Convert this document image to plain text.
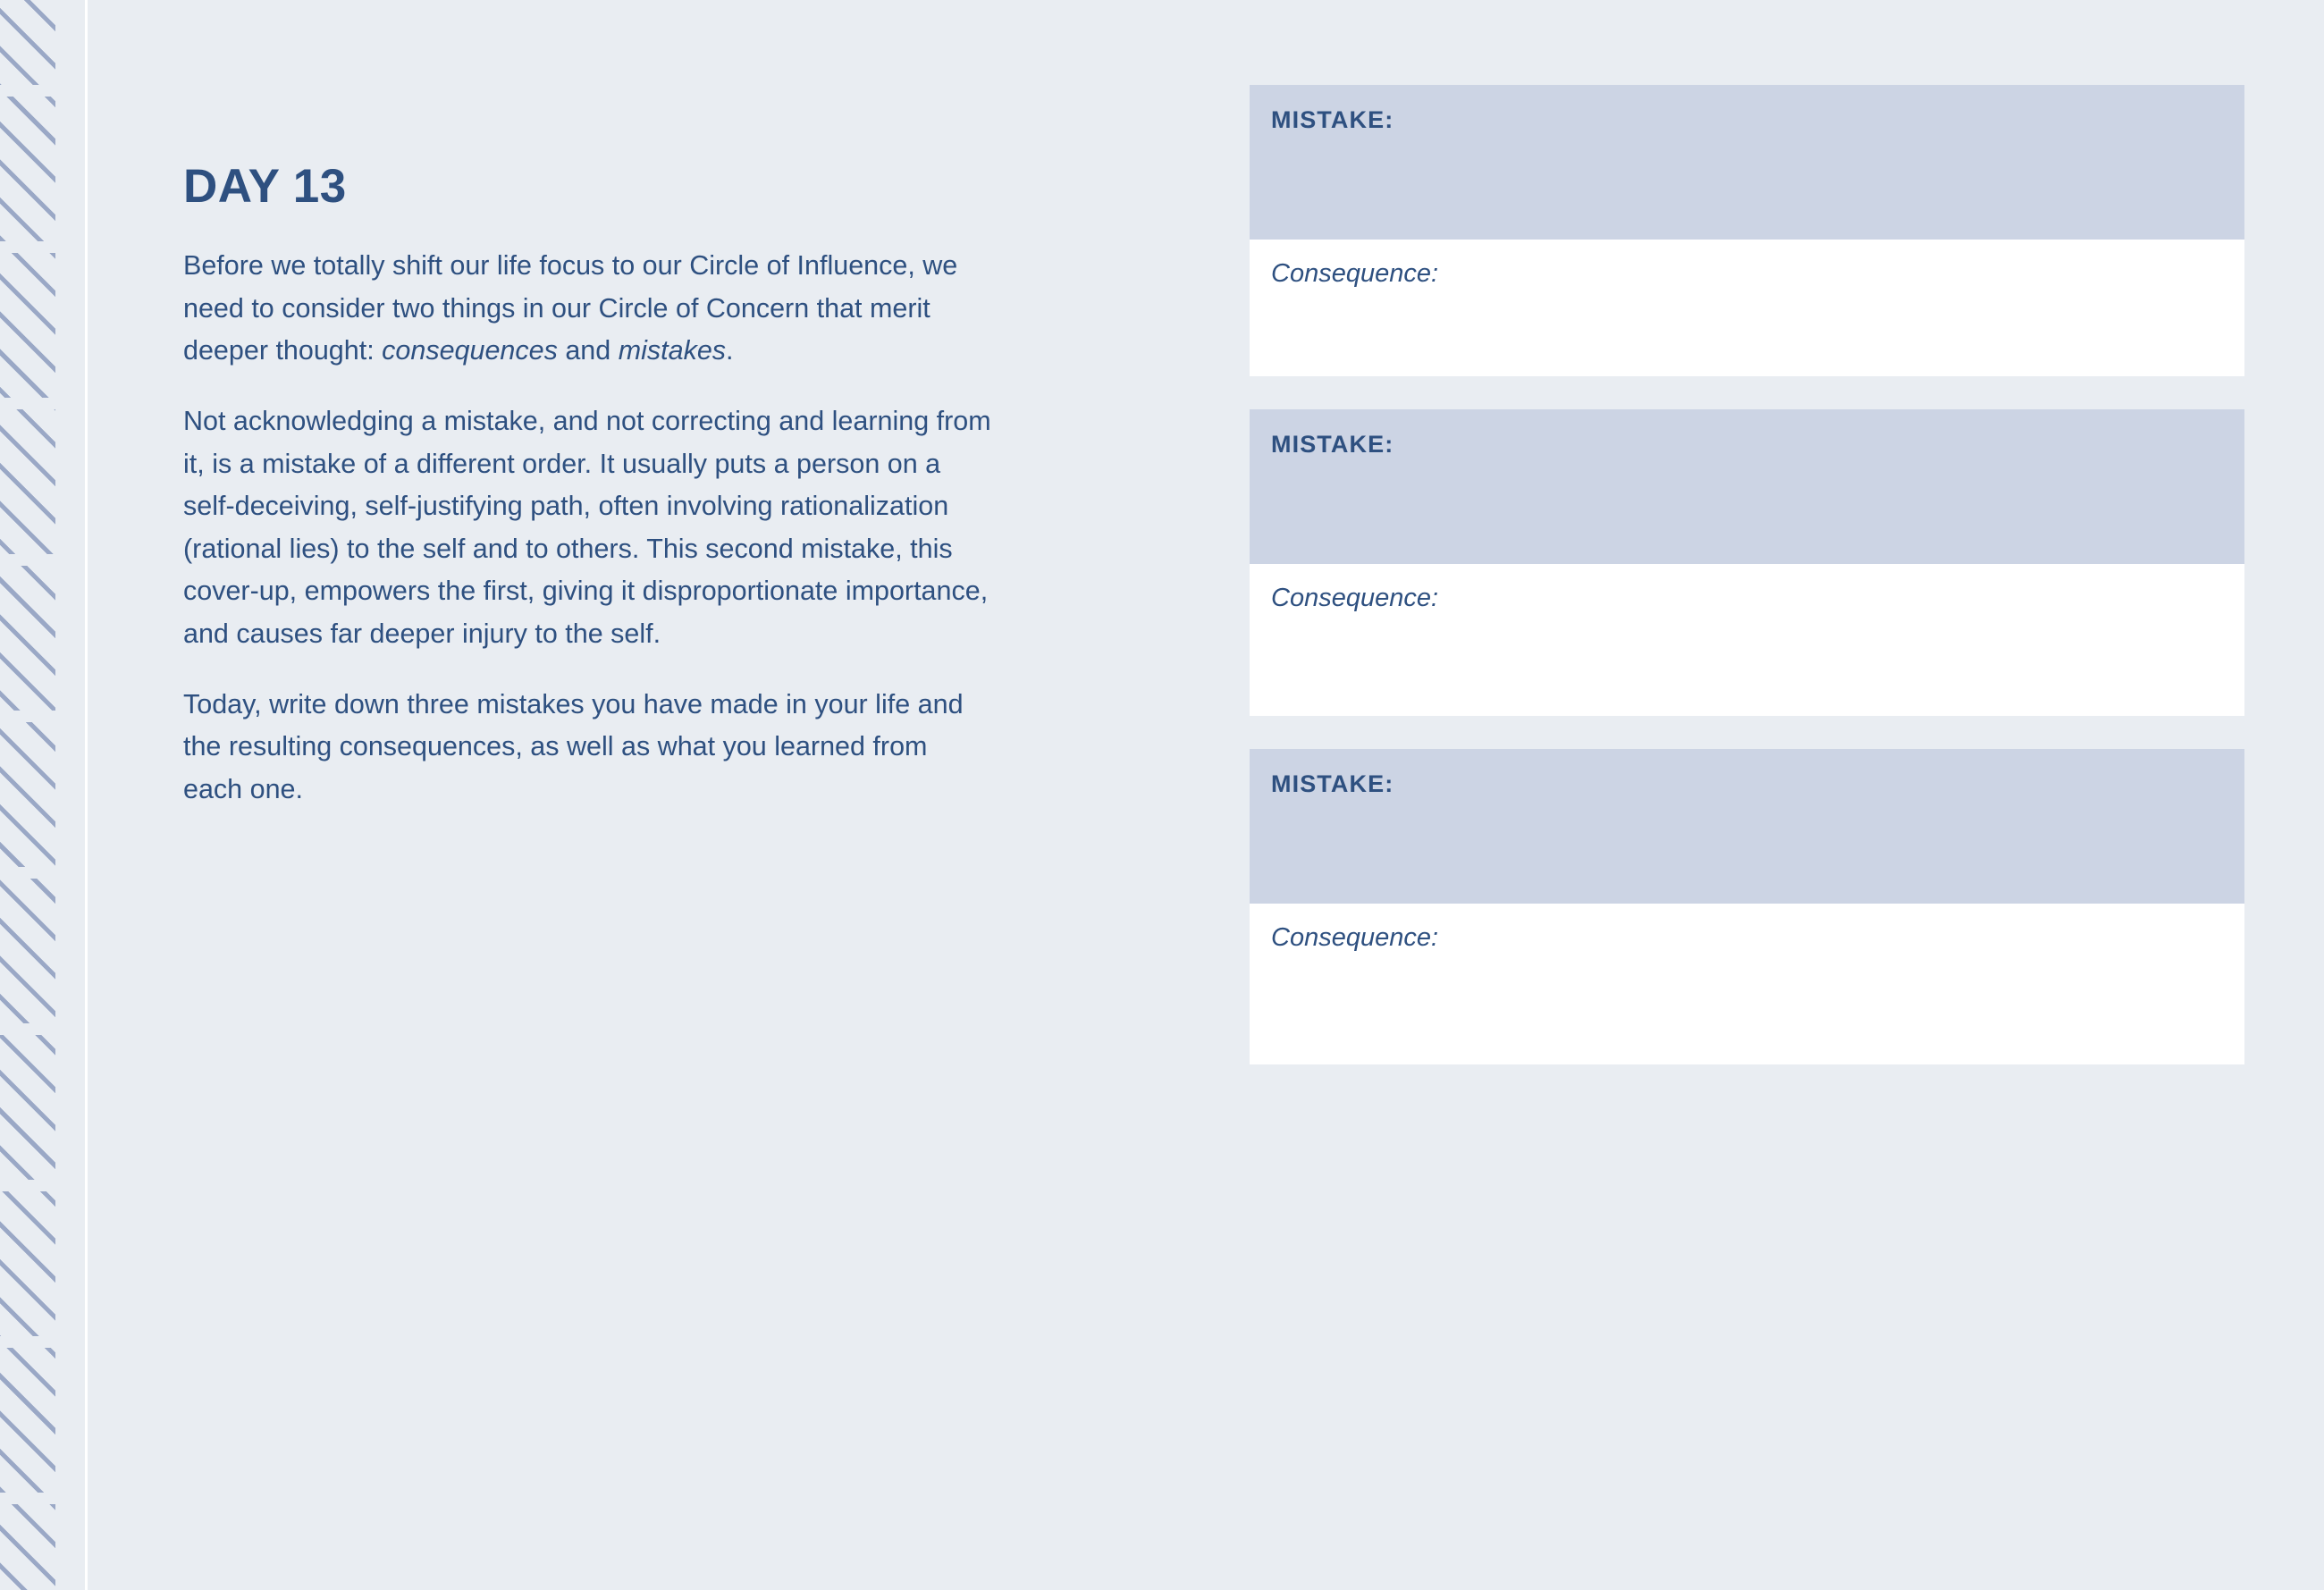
DAY 13

Before we totally shift our life focus to our Circle of Influence, we need to consider two things in our Circle of Concern that merit deeper thought: consequences and mistakes.

Not acknowledging a mistake, and not correcting and learning from it, is a mistake of a different order. It usually puts a person on a self-deceiving, self-justifying path, often involving rationalization (rational lies) to the self and to others. This second mistake, this cover-up, empowers the first, giving it disproportionate importance, and causes far deeper injury to the self.

Today, write down three mistakes you have made in your life and the resulting consequences, as well as what you learned from each one.

MISTAKE:
Consequence:
MISTAKE:
Consequence:
MISTAKE:
Consequence:
